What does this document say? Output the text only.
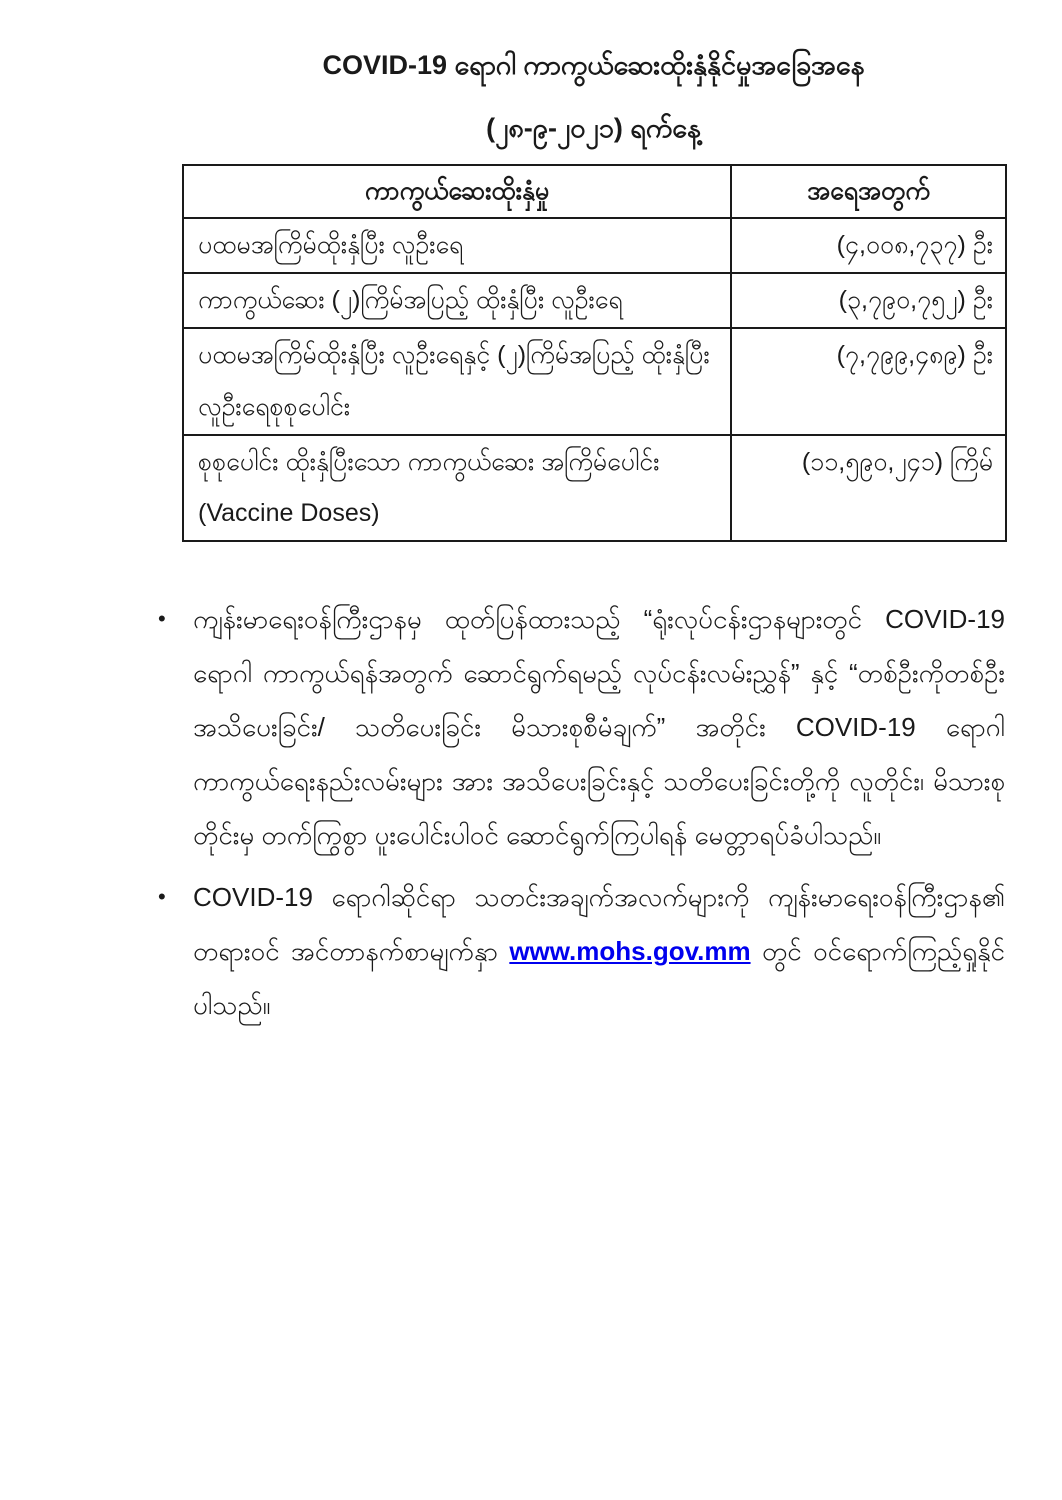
COVID-19 ရောဂါ ကာကွယ်ဆေးထိုးနှံနိုင်မှုအခြေအနေ
(၂၈-၉-၂၀၂၁) ရက်နေ့
ကာကွယ်ဆေးထိုးနှံမှု	အရေအတွက်
ပထမအကြိမ်ထိုးနှံပြီး လူဦးရေ	(၄,၀၀၈,၇၃၇) ဦး
ကာကွယ်ဆေး (၂)ကြိမ်အပြည့် ထိုးနှံပြီး လူဦးရေ	(၃,၇၉၀,၇၅၂) ဦး
ပထမအကြိမ်ထိုးနှံပြီး လူဦးရေနှင့် (၂)ကြိမ်အပြည့် ထိုးနှံပြီး လူဦးရေစုစုပေါင်း	(၇,၇၉၉,၄၈၉) ဦး
စုစုပေါင်း ထိုးနှံပြီးသော ကာကွယ်ဆေး အကြိမ်ပေါင်း (Vaccine Doses)	(၁၁,၅၉၀,၂၄၁) ကြိမ်
•	ကျန်းမာရေးဝန်ကြီးဌာနမှ ထုတ်ပြန်ထားသည့် “ရုံးလုပ်ငန်းဌာနများတွင် COVID-19 ရောဂါ ကာကွယ်ရန်အတွက် ဆောင်ရွက်ရမည့် လုပ်ငန်းလမ်းညွှန်” နှင့် “တစ်ဦးကိုတစ်ဦး အသိပေးခြင်း/ သတိပေးခြင်း မိသားစုစီမံချက်” အတိုင်း COVID-19 ရောဂါ ကာကွယ်ရေးနည်းလမ်းများ အား အသိပေးခြင်းနှင့် သတိပေးခြင်းတို့ကို လူတိုင်း၊ မိသားစုတိုင်းမှ တက်ကြွစွာ ပူးပေါင်းပါဝင် ဆောင်ရွက်ကြပါရန် မေတ္တာရပ်ခံပါသည်။
•	COVID-19 ရောဂါဆိုင်ရာ သတင်းအချက်အလက်များကို ကျန်းမာရေးဝန်ကြီးဌာန၏ တရားဝင် အင်တာနက်စာမျက်နှာ www.mohs.gov.mm တွင် ဝင်ရောက်ကြည့်ရှုနိုင်ပါသည်။
